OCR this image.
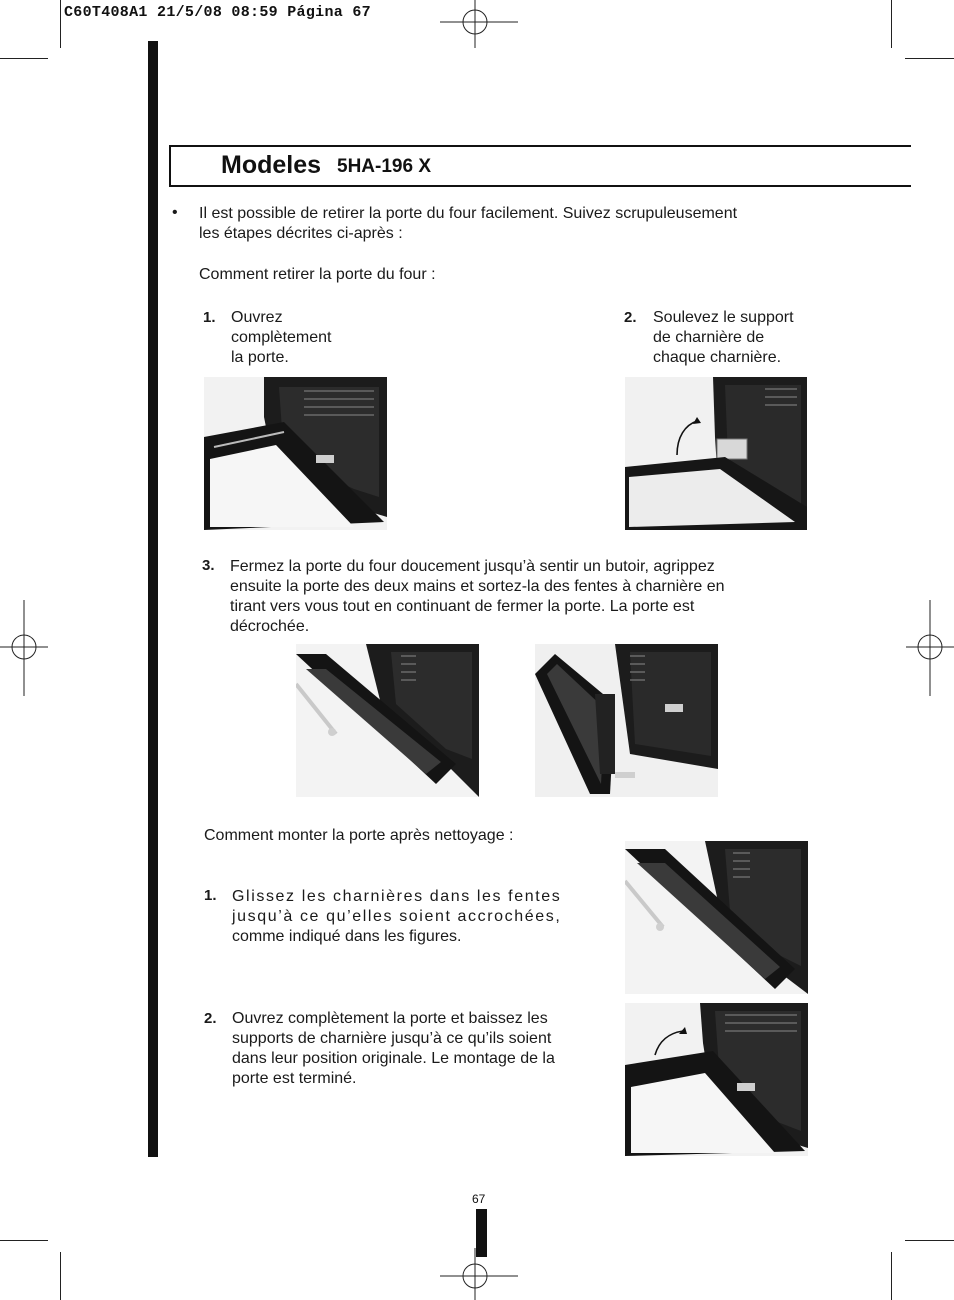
C60T408A1 21/5/08 08:59 Página 67
Modeles 5HA-196 X
• Il est possible de retirer la porte du four facilement. Suivez scrupuleusement
les étapes décrites ci-après :
Comment retirer la porte du four :
1. Ouvrez
complètement
la porte.
2. Soulevez le support
de charnière de
chaque charnière.
3. Fermez la porte du four doucement jusqu’à sentir un butoir, agrippez
ensuite la porte des deux mains et sortez-la des fentes à charnière en
tirant vers vous tout en continuant de fermer la porte. La porte est
décrochée.
Comment monter la porte après nettoyage :
1. Glissez les charnières dans les fentes
jusqu’à ce qu’elles soient accrochées,
comme indiqué dans les figures.
2. Ouvrez complètement la porte et baissez les
supports de charnière jusqu’à ce qu’ils soient
dans leur position originale. Le montage de la
porte est terminé.
67
